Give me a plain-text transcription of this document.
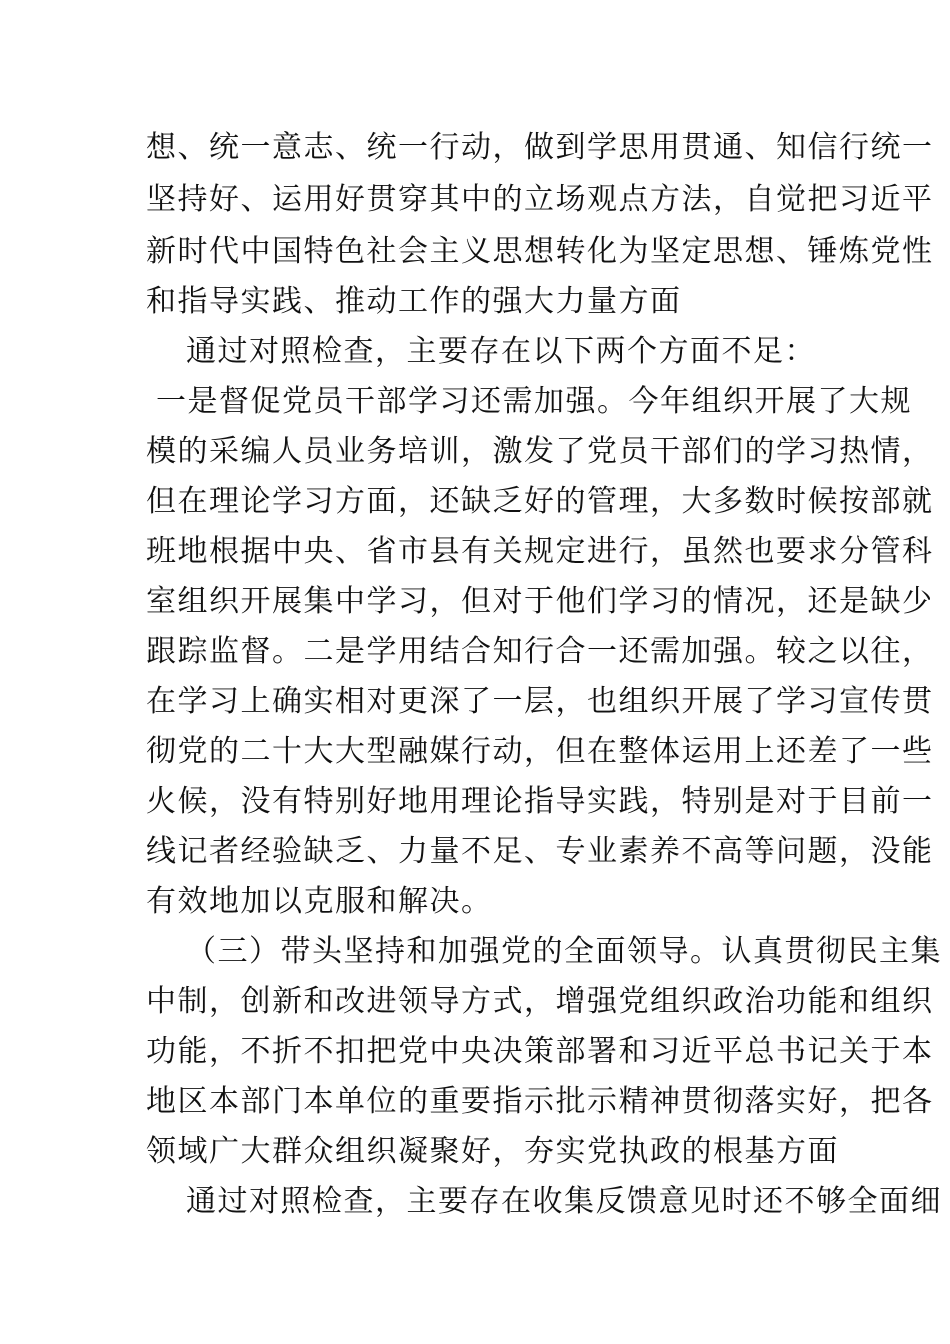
想、统一意志、统一行动，做到学思用贯通、知信行统一
坚持好、运用好贯穿其中的立场观点方法，自觉把习近平
新时代中国特色社会主义思想转化为坚定思想、锤炼党性
和指导实践、推动工作的强大力量方面
通过对照检查，主要存在以下两个方面不足：
一是督促党员干部学习还需加强。今年组织开展了大规
模的采编人员业务培训，激发了党员干部们的学习热情，
但在理论学习方面，还缺乏好的管理，大多数时候按部就
班地根据中央、省市县有关规定进行，虽然也要求分管科
室组织开展集中学习，但对于他们学习的情况，还是缺少
跟踪监督。二是学用结合知行合一还需加强。较之以往，
在学习上确实相对更深了一层，也组织开展了学习宣传贯
彻党的二十大大型融媒行动，但在整体运用上还差了一些
火候，没有特别好地用理论指导实践，特别是对于目前一
线记者经验缺乏、力量不足、专业素养不高等问题，没能
有效地加以克服和解决。
（三）带头坚持和加强党的全面领导。认真贯彻民主集
中制，创新和改进领导方式，增强党组织政治功能和组织
功能，不折不扣把党中央决策部署和习近平总书记关于本
地区本部门本单位的重要指示批示精神贯彻落实好，把各
领域广大群众组织凝聚好，夯实党执政的根基方面
通过对照检查，主要存在收集反馈意见时还不够全面细
